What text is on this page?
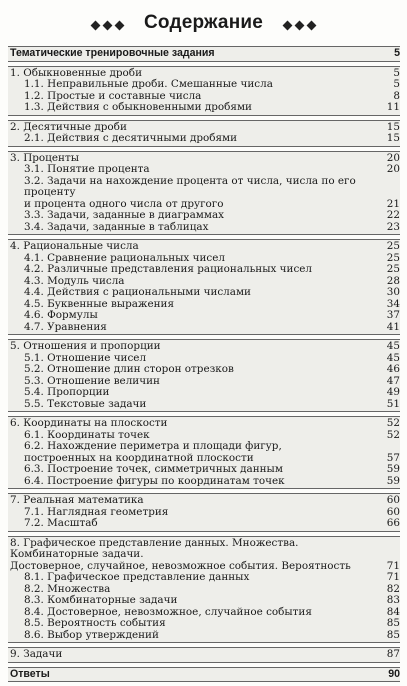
Содержание
Тематические тренировочные задания	5
1. Обыкновенные дроби	5
1.1. Неправильные дроби. Смешанные числа	5
1.2. Простые и составные числа	8
1.3. Действия с обыкновенными дробями	11
2. Десятичные дроби	15
2.1. Действия с десятичными дробями	15
3. Проценты	20
3.1. Понятие процента	20
3.2. Задачи на нахождение процента от числа, числа по его проценту
и процента одного числа от другого	21
3.3. Задачи, заданные в диаграммах	22
3.4. Задачи, заданные в таблицах	23
4. Рациональные числа	25
4.1. Сравнение рациональных чисел	25
4.2. Различные представления рациональных чисел	25
4.3. Модуль числа	28
4.4. Действия с рациональными числами	30
4.5. Буквенные выражения	34
4.6. Формулы	37
4.7. Уравнения	41
5. Отношения и пропорции	45
5.1. Отношение чисел	45
5.2. Отношение длин сторон отрезков	46
5.3. Отношение величин	47
5.4. Пропорции	49
5.5. Текстовые задачи	51
6. Координаты на плоскости	52
6.1. Координаты точек	52
6.2. Нахождение периметра и площади фигур,
построенных на координатной плоскости	57
6.3. Построение точек, симметричных данным	59
6.4. Построение фигуры по координатам точек	59
7. Реальная математика	60
7.1. Наглядная геометрия	60
7.2. Масштаб	66
8. Графическое представление данных. Множества. Комбинаторные задачи.
Достоверное, случайное, невозможное события. Вероятность	71
8.1. Графическое представление данных	71
8.2. Множества	82
8.3. Комбинаторные задачи	83
8.4. Достоверное, невозможное, случайное события	84
8.5. Вероятность события	85
8.6. Выбор утверждений	85
9. Задачи	87
Ответы	90
